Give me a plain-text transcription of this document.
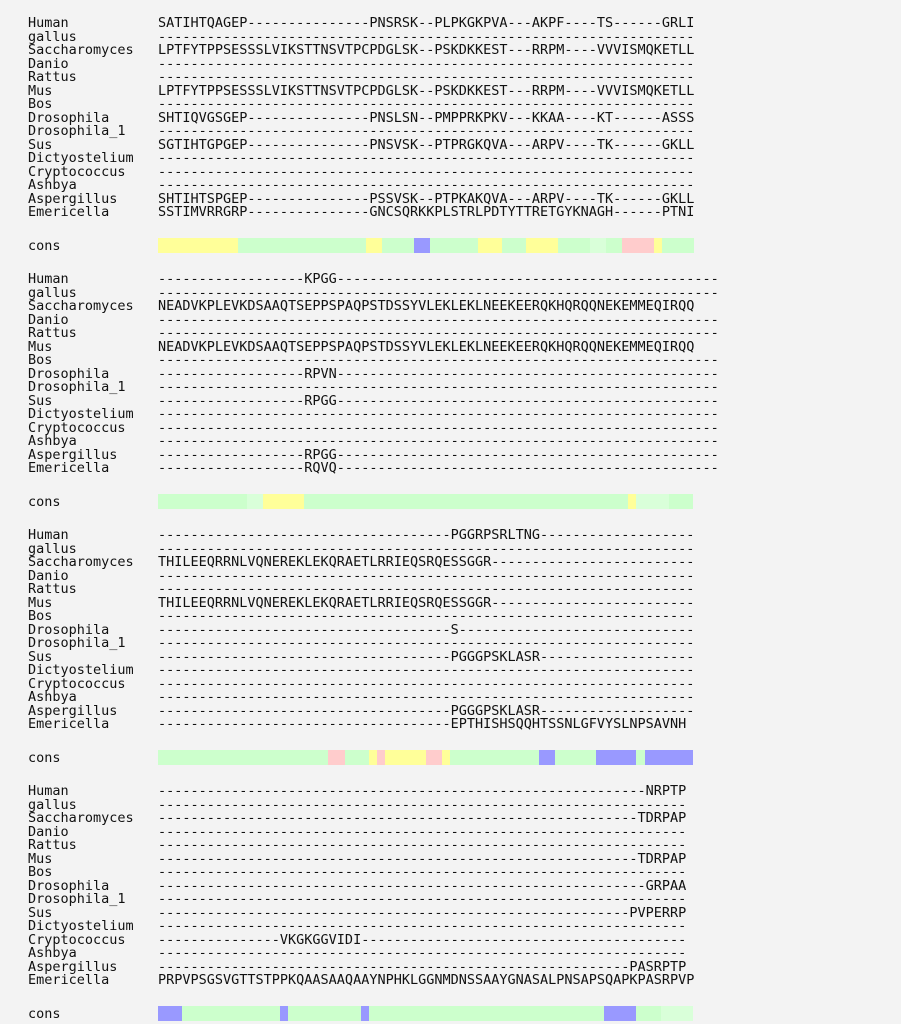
Human	SATIHTQAGEP---------------PNSRSK--PLPKGKPVA---AKPF----TS------GRLI
gallus	------------------------------------------------------------------
Saccharomyces	LPTFYTPPSESSSLVIKSTTNSVTPCPDGLSK--PSKDKKEST---RRPM----VVVISMQKETLL
Danio	------------------------------------------------------------------
Rattus	------------------------------------------------------------------
Mus	LPTFYTPPSESSSLVIKSTTNSVTPCPDGLSK--PSKDKKEST---RRPM----VVVISMQKETLL
Bos	------------------------------------------------------------------
Drosophila	SHTIQVGSGEP---------------PNSLSN--PMPPRKPKV---KKAA----KT------ASSS
Drosophila_1	------------------------------------------------------------------
Sus	SGTIHTGPGEP---------------PNSVSK--PTPRGKQVA---ARPV----TK------GKLL
Dictyostelium	------------------------------------------------------------------
Cryptococcus	------------------------------------------------------------------
Ashbya	------------------------------------------------------------------
Aspergillus	SHTIHTSPGEP---------------PSSVSK--PTPKAKQVA---ARPV----TK------GKLL
Emericella	SSTIMVRRGRP---------------GNCSQRKKPLSTRLPDTYTTRETGYKNAGH------PTNI
cons
Human	------------------KPGG-----------------------------------------------
gallus	---------------------------------------------------------------------
Saccharomyces	NEADVKPLEVKDSAAQTSEPPSPAQPSTDSSYVLEKLEKLNEEKEERQKHQRQQNEKEMMEQIRQQ
Danio	---------------------------------------------------------------------
Rattus	---------------------------------------------------------------------
Mus	NEADVKPLEVKDSAAQTSEPPSPAQPSTDSSYVLEKLEKLNEEKEERQKHQRQQNEKEMMEQIRQQ
Bos	---------------------------------------------------------------------
Drosophila	------------------RPVN-----------------------------------------------
Drosophila_1	---------------------------------------------------------------------
Sus	------------------RPGG-----------------------------------------------
Dictyostelium	---------------------------------------------------------------------
Cryptococcus	---------------------------------------------------------------------
Ashbya	---------------------------------------------------------------------
Aspergillus	------------------RPGG-----------------------------------------------
Emericella	------------------RQVQ-----------------------------------------------
cons
Human	------------------------------------PGGRPSRLTNG-------------------
gallus	------------------------------------------------------------------
Saccharomyces	THILEEQRRNLVQNEREKLEKQRAETLRRIEQSRQESSGGR-------------------------
Danio	------------------------------------------------------------------
Rattus	------------------------------------------------------------------
Mus	THILEEQRRNLVQNEREKLEKQRAETLRRIEQSRQESSGGR-------------------------
Bos	------------------------------------------------------------------
Drosophila	------------------------------------S-----------------------------
Drosophila_1	------------------------------------------------------------------
Sus	------------------------------------PGGGPSKLASR-------------------
Dictyostelium	------------------------------------------------------------------
Cryptococcus	------------------------------------------------------------------
Ashbya	------------------------------------------------------------------
Aspergillus	------------------------------------PGGGPSKLASR-------------------
Emericella	------------------------------------EPTHISHSQQHTSSNLGFVYSLNPSAVNH
cons
Human	------------------------------------------------------------NRPTP
gallus	-----------------------------------------------------------------
Saccharomyces	-----------------------------------------------------------TDRPAP
Danio	-----------------------------------------------------------------
Rattus	-----------------------------------------------------------------
Mus	-----------------------------------------------------------TDRPAP
Bos	-----------------------------------------------------------------
Drosophila	------------------------------------------------------------GRPAA
Drosophila_1	-----------------------------------------------------------------
Sus	----------------------------------------------------------PVPERRP
Dictyostelium	-----------------------------------------------------------------
Cryptococcus	---------------VKGKGGVIDI----------------------------------------
Ashbya	-----------------------------------------------------------------
Aspergillus	----------------------------------------------------------PASRPTP
Emericella	PRPVPSGSVGTTSTPPKQAASAAQAAYNPHKLGGNMDNSSAAYGNASALPNSAPSQAPKPASRPVP
cons
